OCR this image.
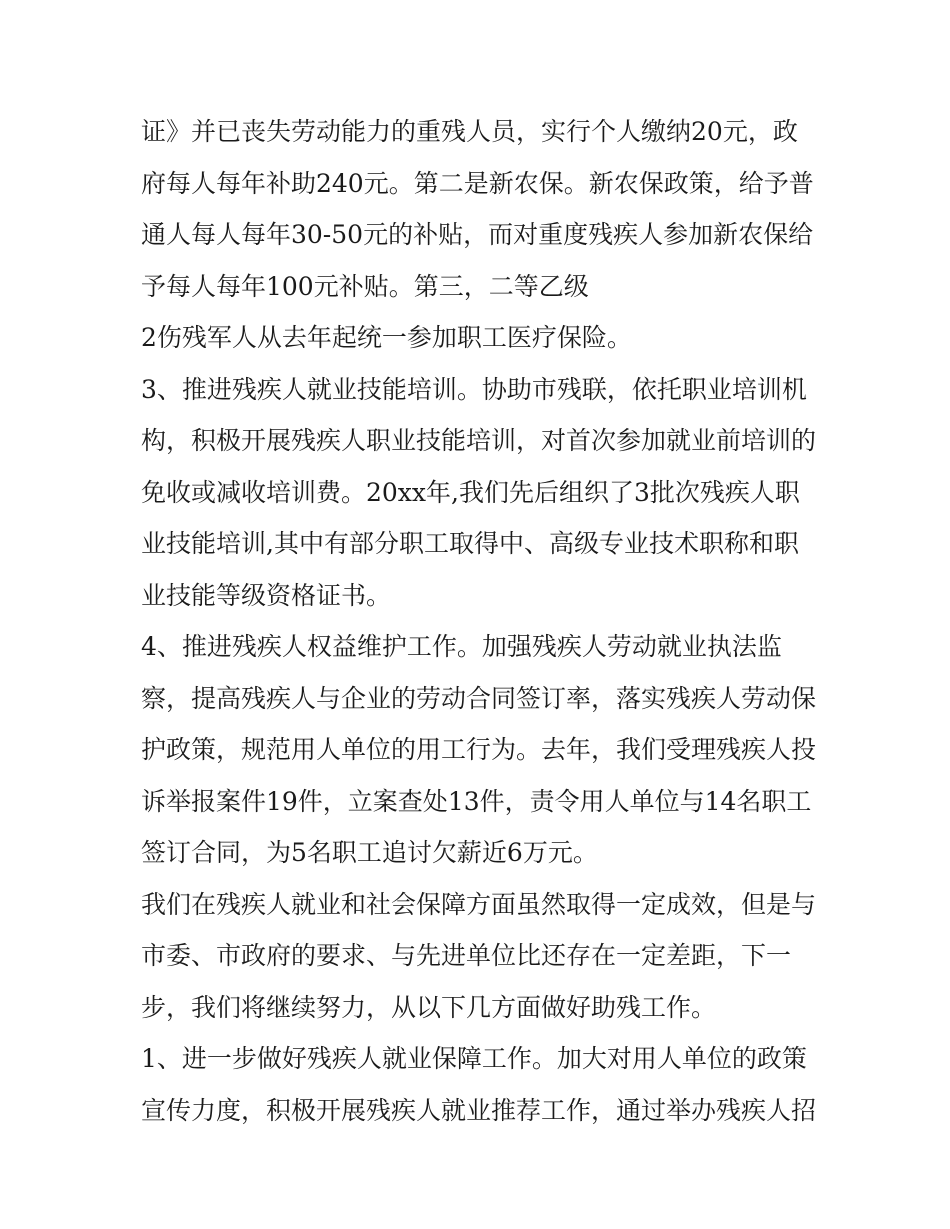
证》并已丧失劳动能力的重残人员，实行个人缴纳20元，政
府每人每年补助240元。第二是新农保。新农保政策，给予普
通人每人每年30-50元的补贴，而对重度残疾人参加新农保给
予每人每年100元补贴。第三，二等乙级
2伤残军人从去年起统一参加职工医疗保险。
3、推进残疾人就业技能培训。协助市残联，依托职业培训机
构，积极开展残疾人职业技能培训，对首次参加就业前培训的
免收或减收培训费。20xx年,我们先后组织了3批次残疾人职
业技能培训,其中有部分职工取得中、高级专业技术职称和职
业技能等级资格证书。
4、推进残疾人权益维护工作。加强残疾人劳动就业执法监
察，提高残疾人与企业的劳动合同签订率，落实残疾人劳动保
护政策，规范用人单位的用工行为。去年，我们受理残疾人投
诉举报案件19件，立案查处13件，责令用人单位与14名职工
签订合同，为5名职工追讨欠薪近6万元。
我们在残疾人就业和社会保障方面虽然取得一定成效，但是与
市委、市政府的要求、与先进单位比还存在一定差距，下一
步，我们将继续努力，从以下几方面做好助残工作。
1、进一步做好残疾人就业保障工作。加大对用人单位的政策
宣传力度，积极开展残疾人就业推荐工作，通过举办残疾人招
